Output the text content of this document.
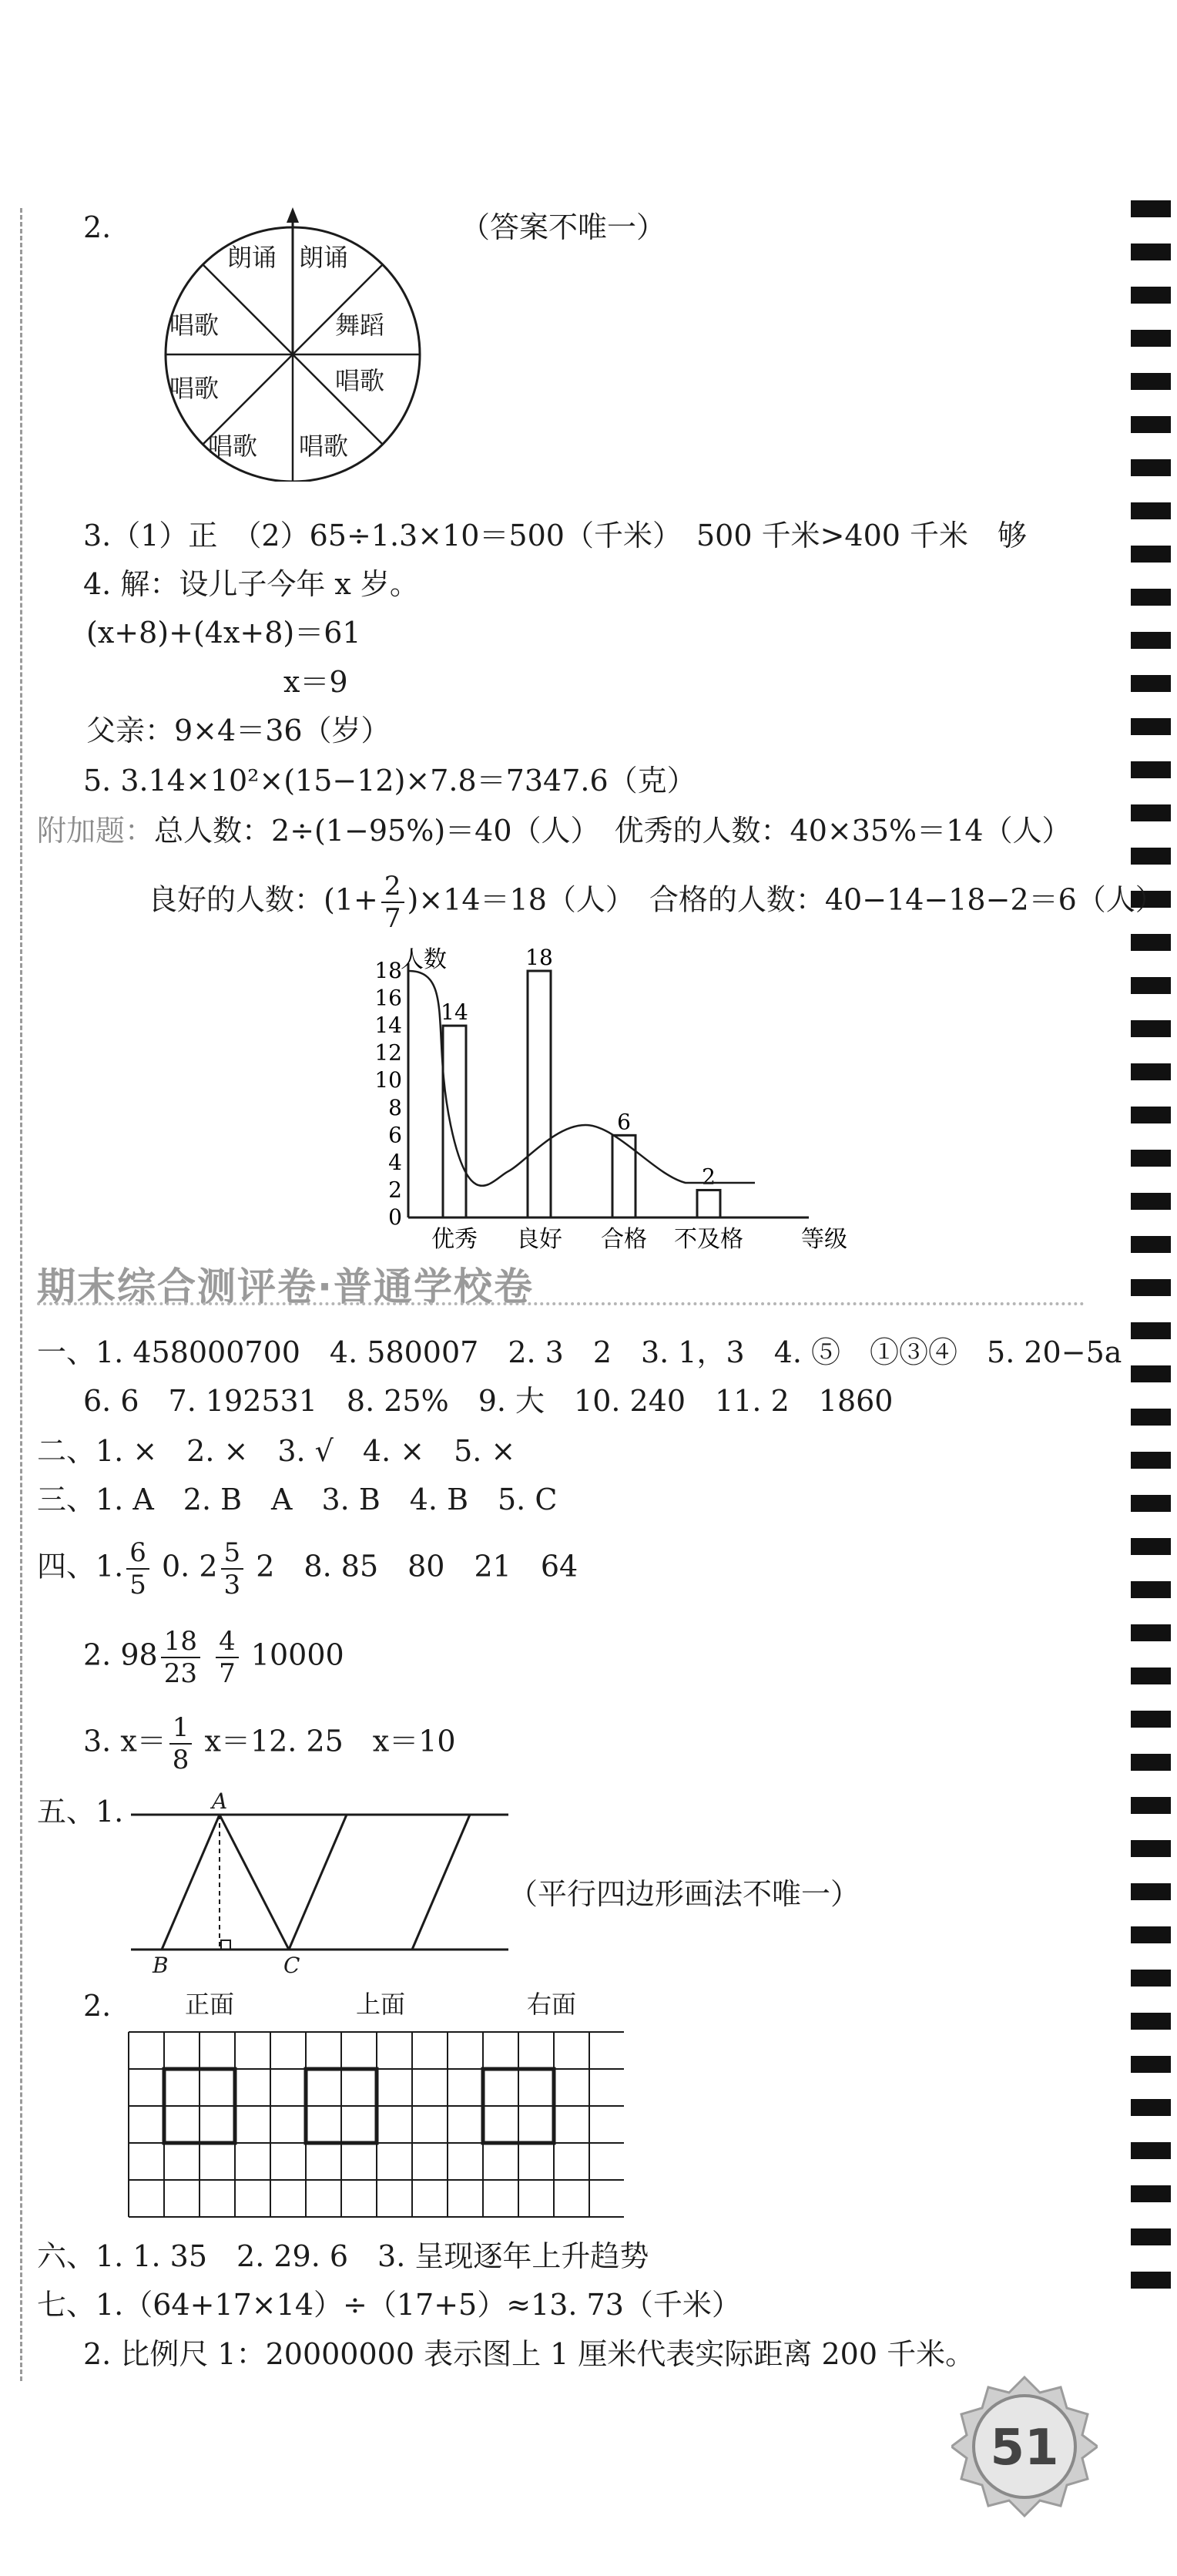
2.	（答案不唯一）
朗诵 朗诵
舞蹈
唱歌
唱歌
唱歌
唱歌
唱歌
3.（1）正　（2）65÷1.3×10＝500（千米）　500 千米>400 千米　够
4. 解：设儿子今年 x 岁。
(x+8)+(4x+8)＝61
x＝9
父亲：9×4＝36（岁）
5. 3.14×10²×(15−12)×7.8＝7347.6（克）
附加题：总人数：2÷(1−95%)＝40（人）　优秀的人数：40×35%＝14（人）
良好的人数：$(1+ \frac{2}{7} )\times 14=18$（人）　合格的人数：40−14−18−2＝6（人）
人数
0
2
4
6
8
10
12
14
16
18
14
优秀
18
良好
6
合格
2
不及格	等级
期末综合测评卷·普通学校卷
一、1. 458000700　4. 580007　2. 3　2　3. 1，3　4. ⑤　①③④　5. 20−5a
6. 6　7. 192531　8. 25%　9. 大　10. 240　11. 2　1860
二、1. ×　2. ×　3. √　4. ×　5. ×
三、1. A　2. B　A　3. B　4. B　5. C
四、1. $\frac{6}{5} 0$. $2 \frac{5}{3} 2$　8. 85　80　21　64
2. $98 \frac{18}{23}$
$\frac{4}{7} 10000$
3. $x= \frac{1}{8} x=12$. 25　x＝10
五、1.	A
B	C
（平行四边形画法不唯一）
2.	正面	上面	右面
六、1. 1. 35　2. 29. 6　3. 呈现逐年上升趋势
七、1.（64+17×14）÷（17+5）≈13. 73（千米）
2. 比例尺 1：20000000 表示图上 1 厘米代表实际距离 200 千米。
51
